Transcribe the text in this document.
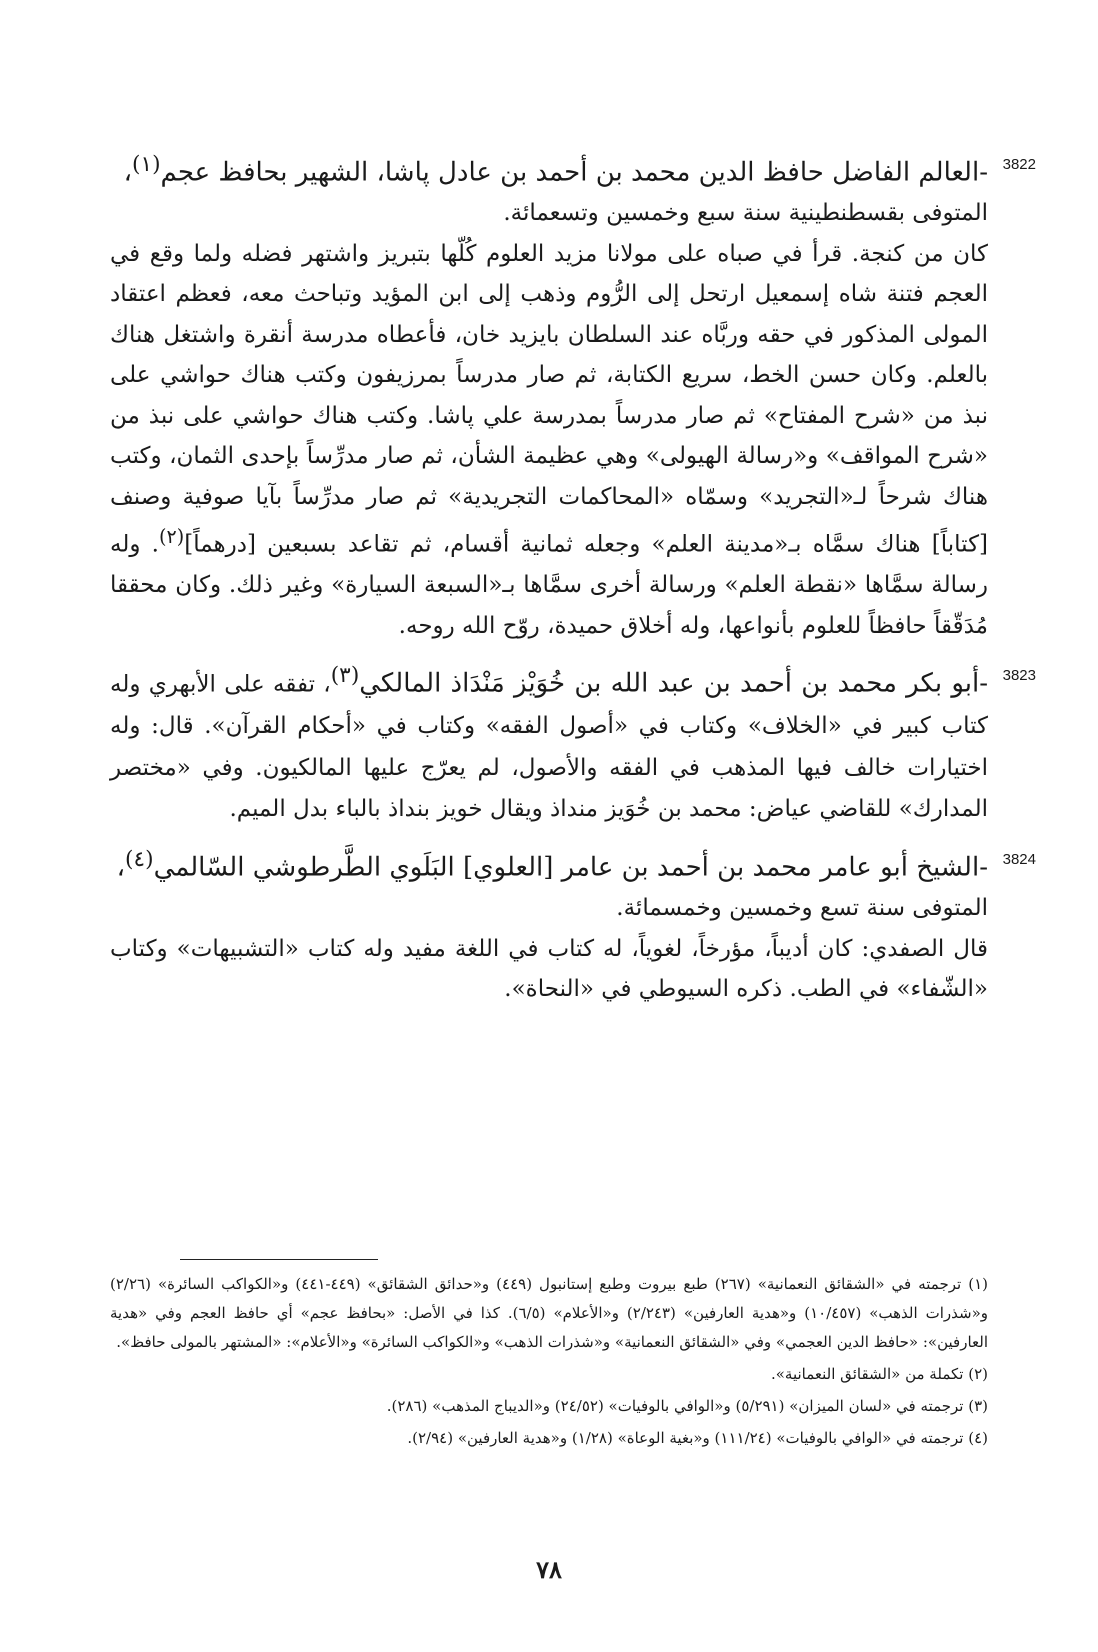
3822
-العالم الفاضل حافظ الدين محمد بن أحمد بن عادل پاشا، الشهير بحافظ عجم$^{(١)}$،

المتوفى بقسطنطينية سنة سبع وخمسين وتسعمائة.

كان من كنجة. قرأ في صباه على مولانا مزيد العلوم كُلّها بتبريز واشتهر فضله ولما وقع في العجم فتنة شاه إسمعيل ارتحل إلى الرُّوم وذهب إلى ابن المؤيد وتباحث معه، فعظم اعتقاد المولى المذكور في حقه وربَّاه عند السلطان بايزيد خان، فأعطاه مدرسة أنقرة واشتغل هناك بالعلم. وكان حسن الخط، سريع الكتابة، ثم صار مدرساً بمرزيفون وكتب هناك حواشي على نبذ من «شرح المفتاح» ثم صار مدرساً بمدرسة علي پاشا. وكتب هناك حواشي على نبذ من «شرح المواقف» و«رسالة الهيولى» وهي عظيمة الشأن، ثم صار مدرِّساً بإحدى الثمان، وكتب هناك شرحاً لـ«التجريد» وسمّاه «المحاكمات التجريدية» ثم صار مدرِّساً بآيا صوفية وصنف [كتاباً] هناك سمَّاه بـ«مدينة العلم» وجعله ثمانية أقسام، ثم تقاعد بسبعين [درهماً]$^{(٢)}$. وله رسالة سمَّاها «نقطة العلم» ورسالة أخرى سمَّاها بـ«السبعة السيارة» وغير ذلك. وكان محققا مُدَقّقاً حافظاً للعلوم بأنواعها، وله أخلاق حميدة، روّح الله روحه.

3823
-أبو بكر محمد بن أحمد بن عبد الله بن خُوَيْز مَنْدَاذ المالكي$^{(٣)}$، تفقه على الأبهري وله كتاب كبير في «الخلاف» وكتاب في «أصول الفقه» وكتاب في «أحكام القرآن». قال: وله اختيارات خالف فيها المذهب في الفقه والأصول، لم يعرّج عليها المالكيون. وفي «مختصر المدارك» للقاضي عياض: محمد بن خُوَيز منداذ ويقال خويز بنداذ بالباء بدل الميم.

3824
-الشيخ أبو عامر محمد بن أحمد بن عامر [العلوي] البَلَوي الطَّرطوشي السّالمي$^{(٤)}$،

المتوفى سنة تسع وخمسين وخمسمائة.

قال الصفدي: كان أديباً، مؤرخاً، لغوياً، له كتاب في اللغة مفيد وله كتاب «التشبيهات» وكتاب «الشّفاء» في الطب. ذكره السيوطي في «النحاة».

(١) ترجمته في «الشقائق النعمانية» (٢٦٧) طبع بيروت وطبع إستانبول (٤٤٩) و«حدائق الشقائق» (٤٤٩-٤٤١) و«الكواكب السائرة» (٢/٢٦) و«شذرات الذهب» (١٠/٤٥٧) و«هدية العارفين» (٢/٢٤٣) و«الأعلام» (٦/٥). كذا في الأصل: «بحافظ عجم» أي حافظ العجم وفي «هدية العارفين»: «حافظ الدين العجمي» وفي «الشقائق النعمانية» و«شذرات الذهب» و«الكواكب السائرة» و«الأعلام»: «المشتهر بالمولى حافظ».

(٢) تكملة من «الشقائق النعمانية».

(٣) ترجمته في «لسان الميزان» (٥/٢٩١) و«الوافي بالوفيات» (٢٤/٥٢) و«الديباج المذهب» (٢٨٦).

(٤) ترجمته في «الوافي بالوفيات» (١١١/٢٤) و«بغية الوعاة» (١/٢٨) و«هدية العارفين» (٢/٩٤).

٧٨
